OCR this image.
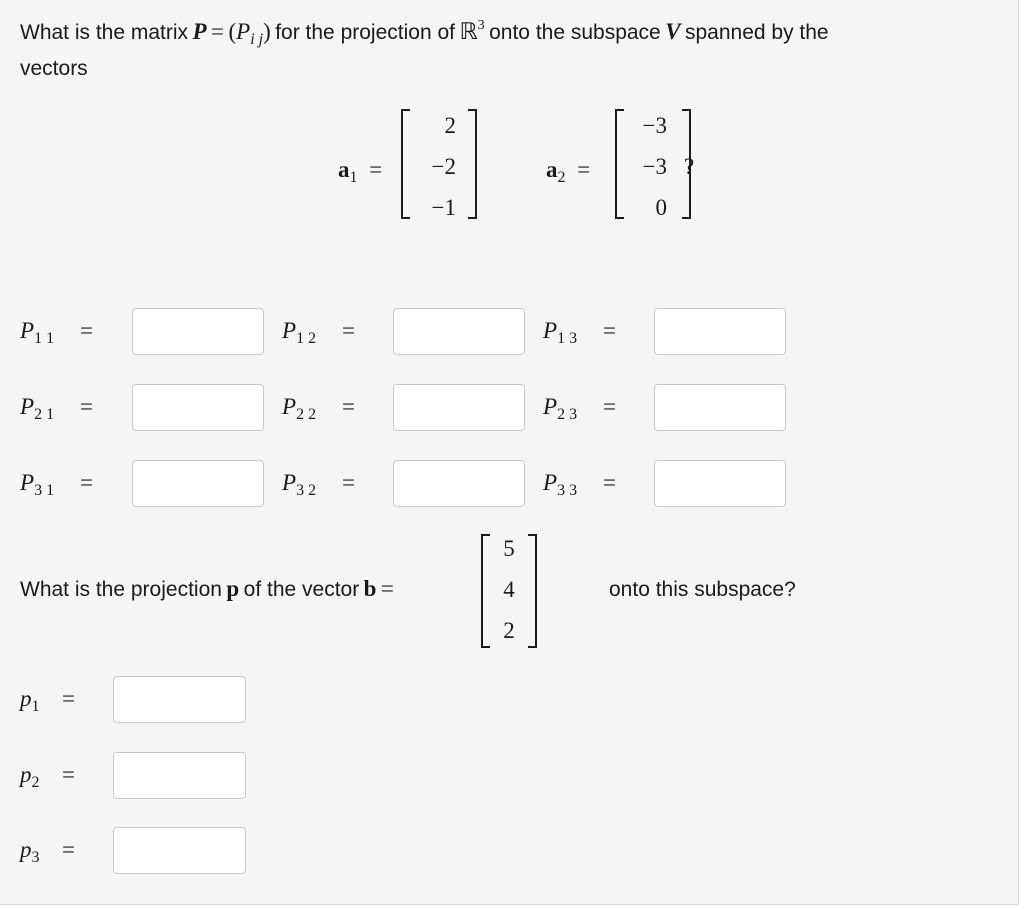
What is the matrix $P = (P_{i j})$ for the projection of ℝ$^3$ onto the subspace V spanned by the
vectors
$a_1$ =
2
−2
−1
$a_2$ =
−3
−3
0
?
$P_{1 1}$ =	$P_{1 2}$ =	$P_{1 3}$ =
$P_{2 1}$ =	$P_{2 2}$ =	$P_{2 3}$ =
$P_{3 1}$ =	$P_{3 2}$ =	$P_{3 3}$ =
What is the projection p of the vector b =
5
4
2
onto this subspace?
$p_1$ =
$p_2$ =
$p_3$ =
